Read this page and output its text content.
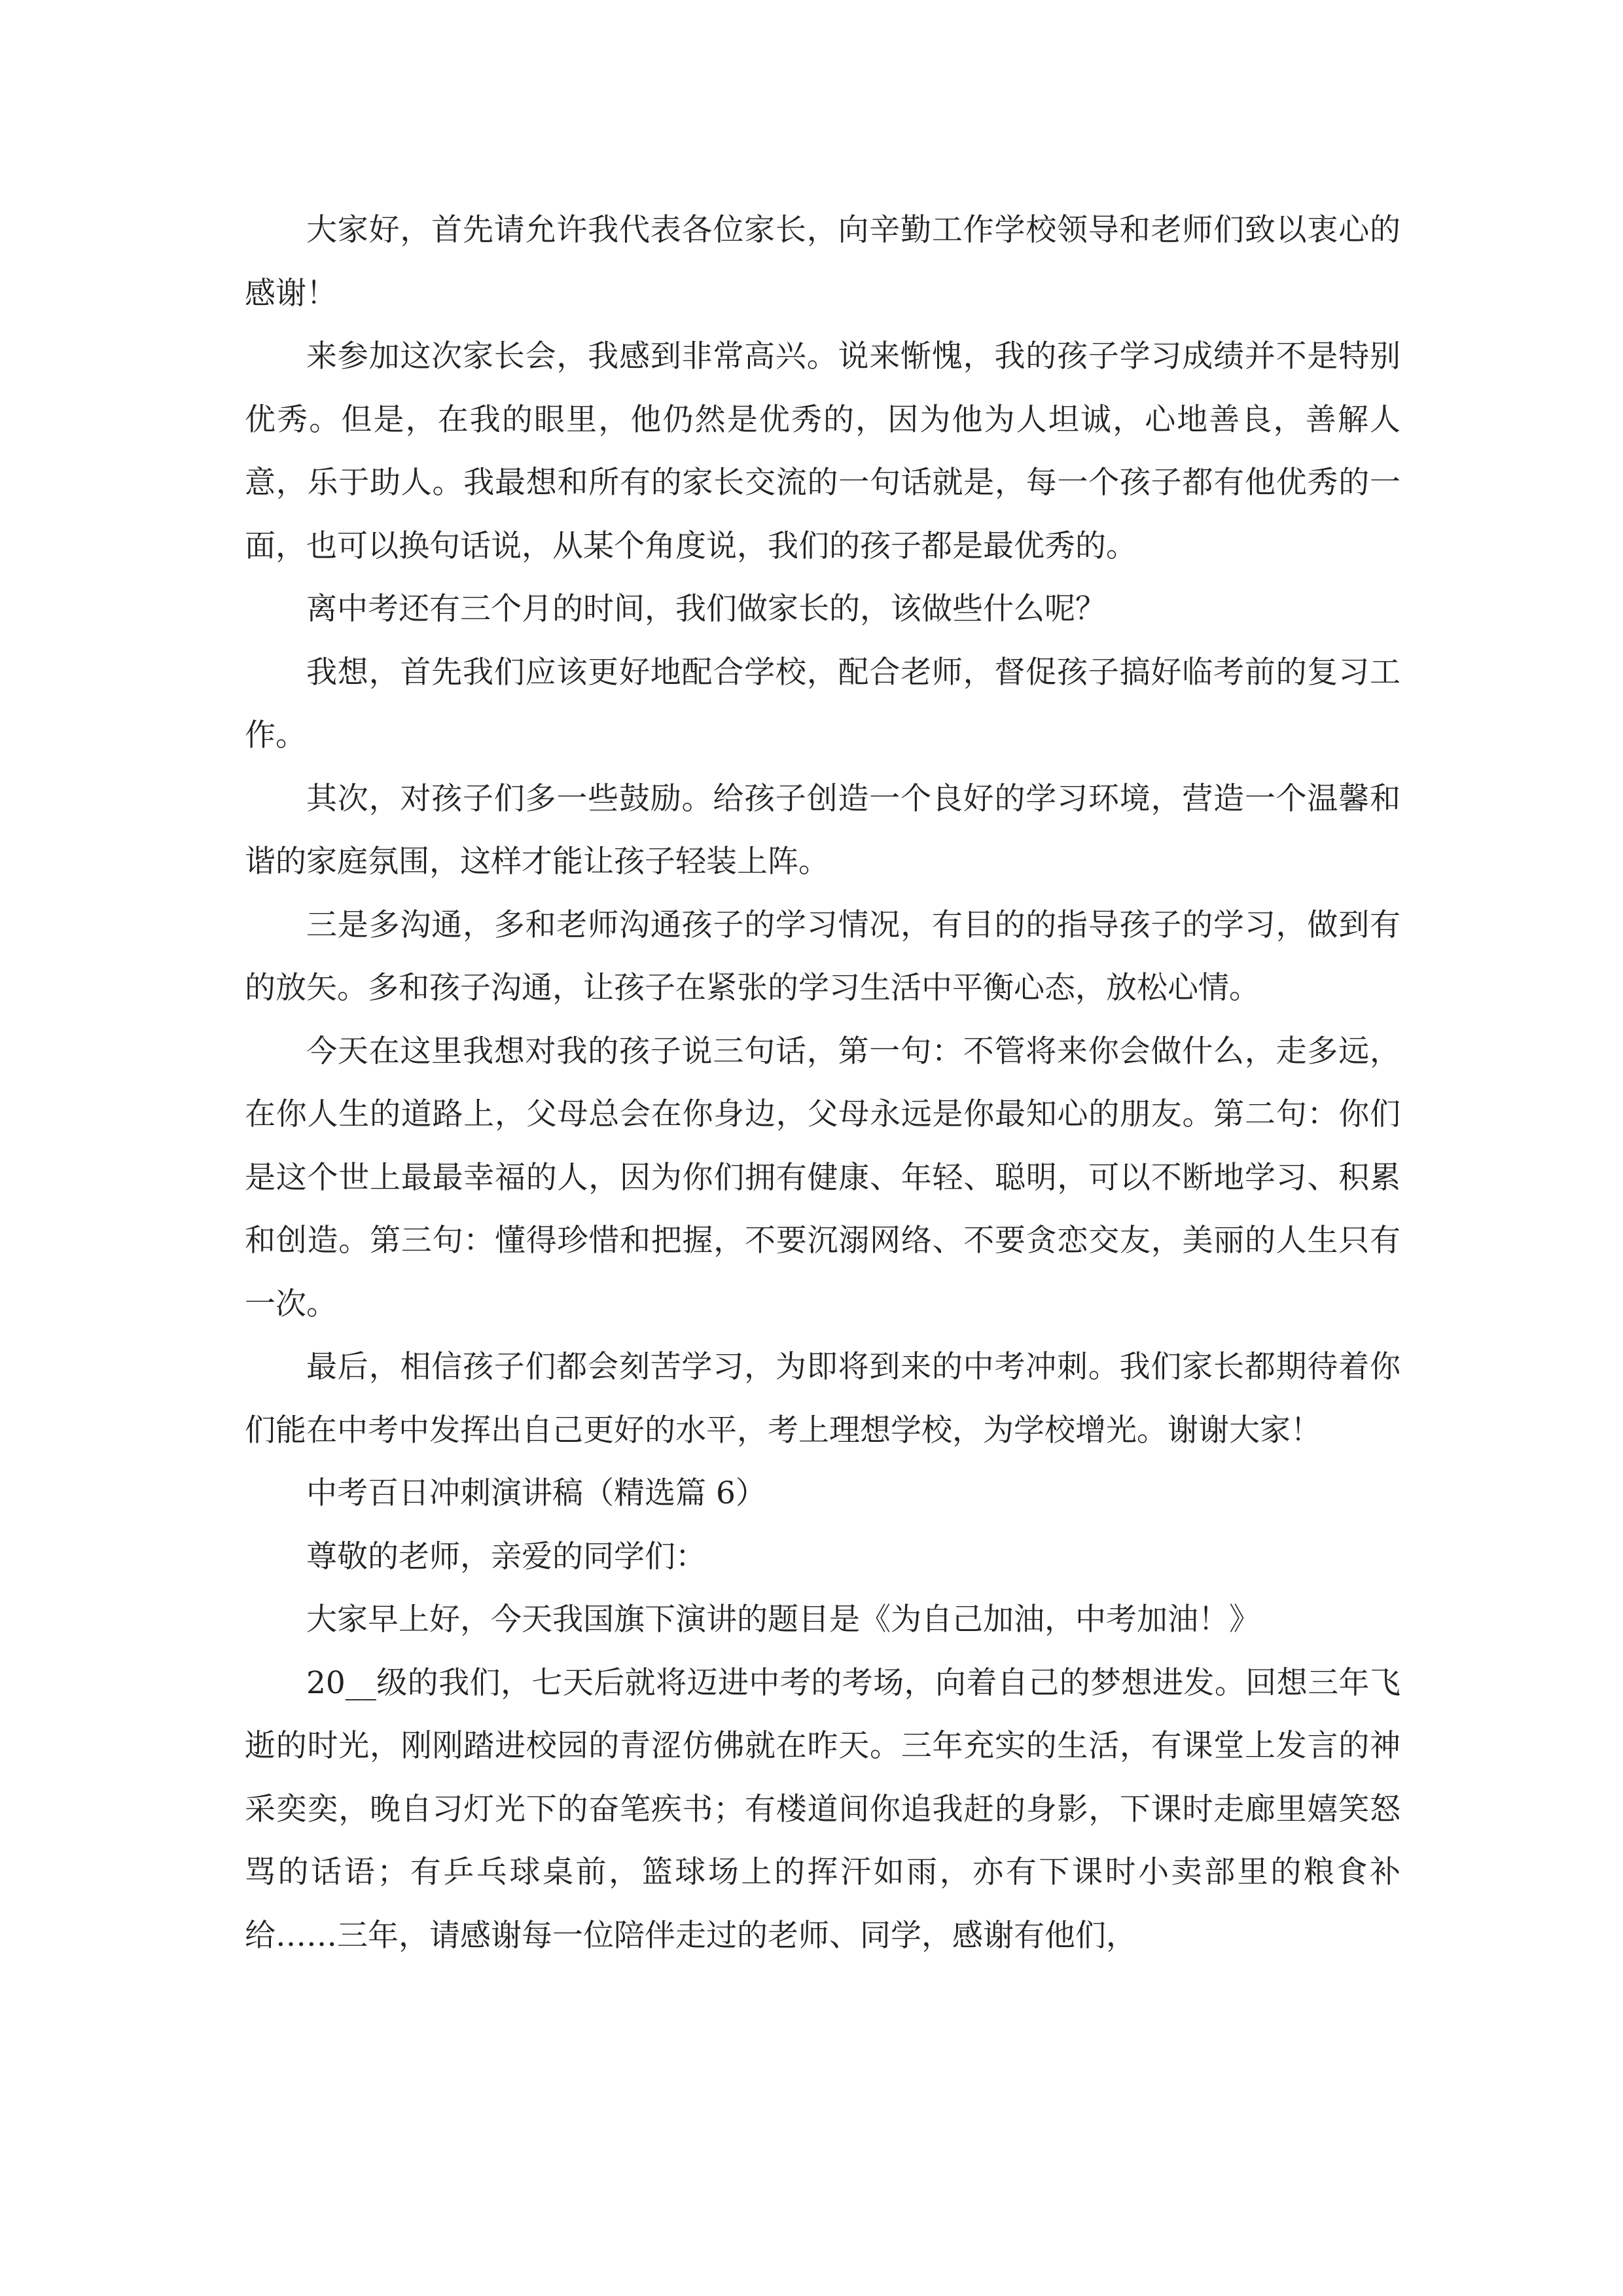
大家好，首先请允许我代表各位家长，向辛勤工作学校领导和老师们致以衷心的感谢！

来参加这次家长会，我感到非常高兴。说来惭愧，我的孩子学习成绩并不是特别优秀。但是，在我的眼里，他仍然是优秀的，因为他为人坦诚，心地善良，善解人意，乐于助人。我最想和所有的家长交流的一句话就是，每一个孩子都有他优秀的一面，也可以换句话说，从某个角度说，我们的孩子都是最优秀的。

离中考还有三个月的时间，我们做家长的，该做些什么呢？

我想，首先我们应该更好地配合学校，配合老师，督促孩子搞好临考前的复习工作。

其次，对孩子们多一些鼓励。给孩子创造一个良好的学习环境，营造一个温馨和谐的家庭氛围，这样才能让孩子轻装上阵。

三是多沟通，多和老师沟通孩子的学习情况，有目的的指导孩子的学习，做到有的放矢。多和孩子沟通，让孩子在紧张的学习生活中平衡心态，放松心情。

今天在这里我想对我的孩子说三句话，第一句：不管将来你会做什么，走多远，在你人生的道路上，父母总会在你身边，父母永远是你最知心的朋友。第二句：你们是这个世上最最幸福的人，因为你们拥有健康、年轻、聪明，可以不断地学习、积累和创造。第三句：懂得珍惜和把握，不要沉溺网络、不要贪恋交友，美丽的人生只有一次。

最后，相信孩子们都会刻苦学习，为即将到来的中考冲刺。我们家长都期待着你们能在中考中发挥出自己更好的水平，考上理想学校，为学校增光。谢谢大家！

中考百日冲刺演讲稿（精选篇 6）

尊敬的老师，亲爱的同学们：

大家早上好，今天我国旗下演讲的题目是《为自己加油，中考加油！》

20__级的我们，七天后就将迈进中考的考场，向着自己的梦想进发。回想三年飞逝的时光，刚刚踏进校园的青涩仿佛就在昨天。三年充实的生活，有课堂上发言的神采奕奕，晚自习灯光下的奋笔疾书；有楼道间你追我赶的身影，下课时走廊里嬉笑怒骂的话语；有乒乓球桌前，篮球场上的挥汗如雨，亦有下课时小卖部里的粮食补给……三年，请感谢每一位陪伴走过的老师、同学，感谢有他们，
